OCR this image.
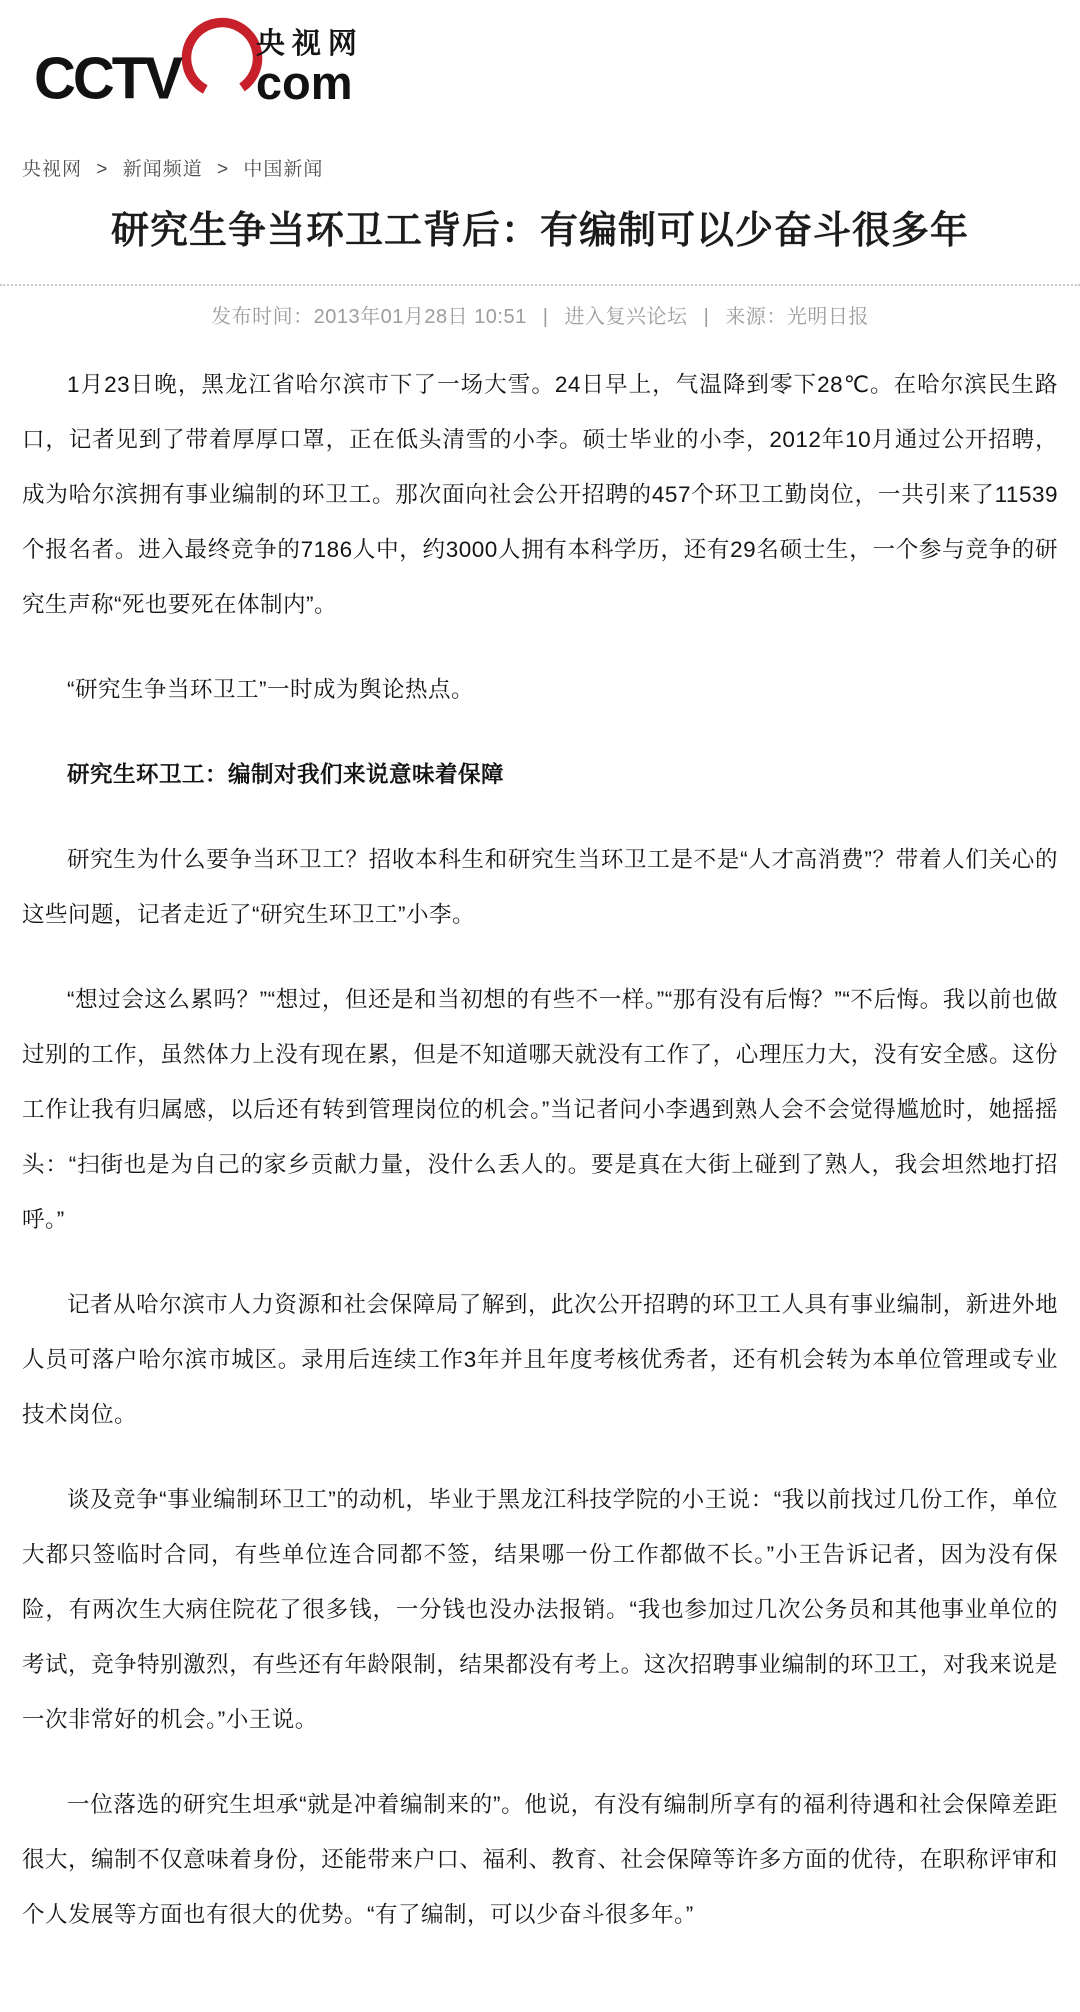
CCTV
央视网
com
央视网 > 新闻频道 > 中国新闻
研究生争当环卫工背后：有编制可以少奋斗很多年
发布时间：2013年01月28日 10:51 | 进入复兴论坛 | 来源：光明日报

1月23日晚，黑龙江省哈尔滨市下了一场大雪。24日早上，气温降到零下28℃。在哈尔滨民生路口，记者见到了带着厚厚口罩，正在低头清雪的小李。硕士毕业的小李，2012年10月通过公开招聘，成为哈尔滨拥有事业编制的环卫工。那次面向社会公开招聘的457个环卫工勤岗位，一共引来了11539个报名者。进入最终竞争的7186人中，约3000人拥有本科学历，还有29名硕士生，一个参与竞争的研究生声称“死也要死在体制内”。

“研究生争当环卫工”一时成为舆论热点。

研究生环卫工：编制对我们来说意味着保障

研究生为什么要争当环卫工？招收本科生和研究生当环卫工是不是“人才高消费”？带着人们关心的这些问题，记者走近了“研究生环卫工”小李。

“想过会这么累吗？”“想过，但还是和当初想的有些不一样。”“那有没有后悔？”“不后悔。我以前也做过别的工作，虽然体力上没有现在累，但是不知道哪天就没有工作了，心理压力大，没有安全感。这份工作让我有归属感，以后还有转到管理岗位的机会。”当记者问小李遇到熟人会不会觉得尴尬时，她摇摇头：“扫街也是为自己的家乡贡献力量，没什么丢人的。要是真在大街上碰到了熟人，我会坦然地打招呼。”

记者从哈尔滨市人力资源和社会保障局了解到，此次公开招聘的环卫工人具有事业编制，新进外地人员可落户哈尔滨市城区。录用后连续工作3年并且年度考核优秀者，还有机会转为本单位管理或专业技术岗位。

谈及竞争“事业编制环卫工”的动机，毕业于黑龙江科技学院的小王说：“我以前找过几份工作，单位大都只签临时合同，有些单位连合同都不签，结果哪一份工作都做不长。”小王告诉记者，因为没有保险，有两次生大病住院花了很多钱，一分钱也没办法报销。“我也参加过几次公务员和其他事业单位的考试，竞争特别激烈，有些还有年龄限制，结果都没有考上。这次招聘事业编制的环卫工，对我来说是一次非常好的机会。”小王说。

一位落选的研究生坦承“就是冲着编制来的”。他说，有没有编制所享有的福利待遇和社会保障差距很大，编制不仅意味着身份，还能带来户口、福利、教育、社会保障等许多方面的优待，在职称评审和个人发展等方面也有很大的优势。“有了编制，可以少奋斗很多年。”
